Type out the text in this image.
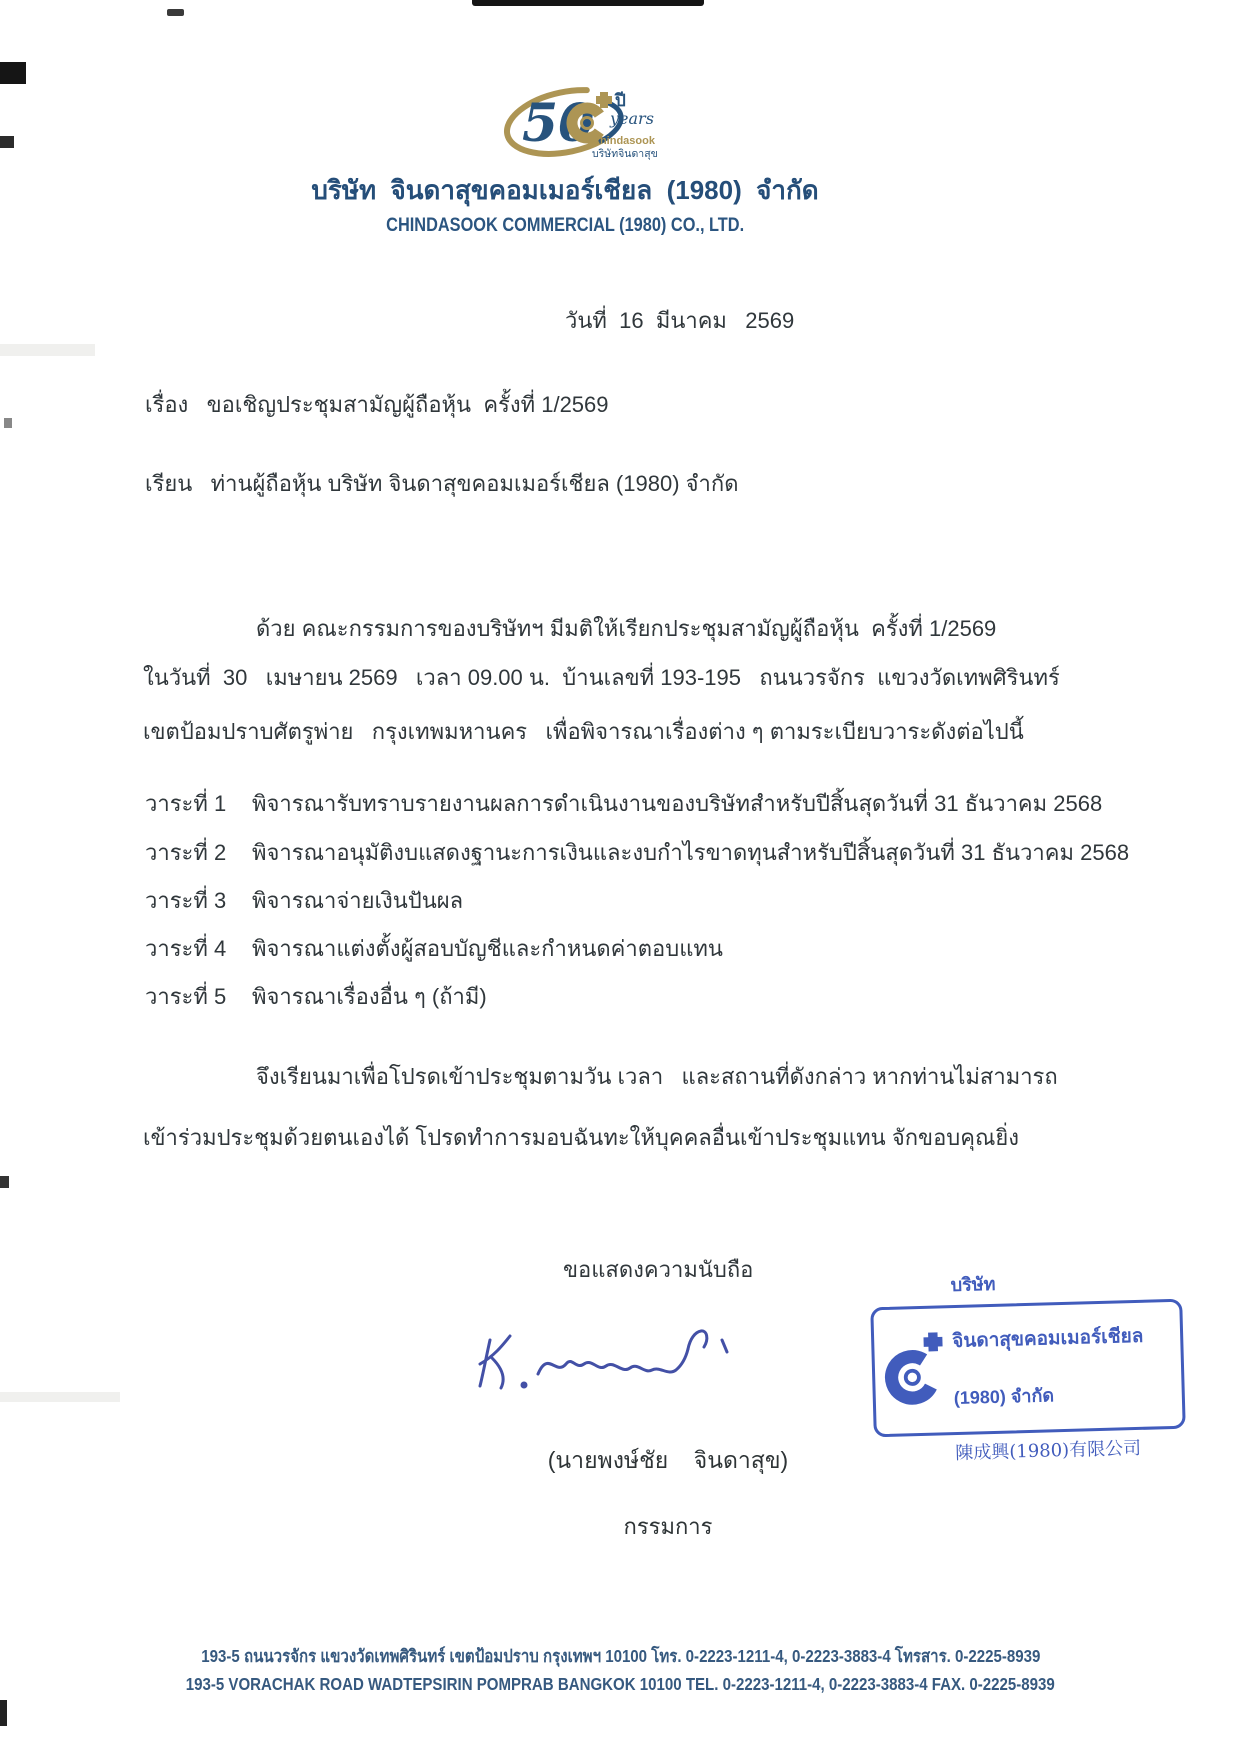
50 ปี
years
Chindasook
บริษัทจินดาสุข
บริษัท  จินดาสุขคอมเมอร์เชียล  (1980)  จำกัด
CHINDASOOK COMMERCIAL (1980) CO., LTD.
วันที่  16  มีนาคม   2569
เรื่อง   ขอเชิญประชุมสามัญผู้ถือหุ้น  ครั้งที่ 1/2569
เรียน   ท่านผู้ถือหุ้น บริษัท จินดาสุขคอมเมอร์เชียล (1980) จำกัด
ด้วย คณะกรรมการของบริษัทฯ มีมติให้เรียกประชุมสามัญผู้ถือหุ้น  ครั้งที่ 1/2569
ในวันที่  30   เมษายน 2569   เวลา 09.00 น.  บ้านเลขที่ 193-195   ถนนวรจักร  แขวงวัดเทพศิรินทร์
เขตป้อมปราบศัตรูพ่าย   กรุงเทพมหานคร   เพื่อพิจารณาเรื่องต่าง ๆ ตามระเบียบวาระดังต่อไปนี้
วาระที่ 1 พิจารณารับทราบรายงานผลการดำเนินงานของบริษัทสำหรับปีสิ้นสุดวันที่ 31 ธันวาคม 2568
วาระที่ 2 พิจารณาอนุมัติงบแสดงฐานะการเงินและงบกำไรขาดทุนสำหรับปีสิ้นสุดวันที่ 31 ธันวาคม 2568
วาระที่ 3 พิจารณาจ่ายเงินปันผล
วาระที่ 4 พิจารณาแต่งตั้งผู้สอบบัญชีและกำหนดค่าตอบแทน
วาระที่ 5 พิจารณาเรื่องอื่น ๆ (ถ้ามี)
จึงเรียนมาเพื่อโปรดเข้าประชุมตามวัน เวลา   และสถานที่ดังกล่าว หากท่านไม่สามารถ
เข้าร่วมประชุมด้วยตนเองได้ โปรดทำการมอบฉันทะให้บุคคลอื่นเข้าประชุมแทน จักขอบคุณยิ่ง
ขอแสดงความนับถือ

บริษัท

จินดาสุขคอมเมอร์เชียล

(1980) จำกัด

陳成興(1980)有限公司

(นายพงษ์ชัย    จินดาสุข)
กรรมการ
193-5 ถนนวรจักร แขวงวัดเทพศิรินทร์ เขตป้อมปราบ กรุงเทพฯ 10100 โทร. 0-2223-1211-4, 0-2223-3883-4 โทรสาร. 0-2225-8939
193-5 VORACHAK ROAD WADTEPSIRIN POMPRAB BANGKOK 10100 TEL. 0-2223-1211-4, 0-2223-3883-4 FAX. 0-2225-8939
